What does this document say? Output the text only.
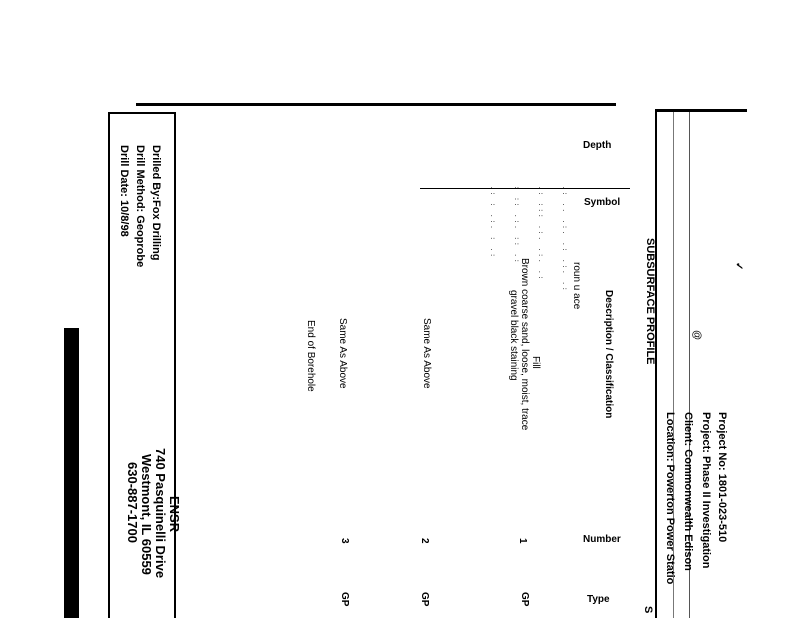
Project No: 1801-023-510
Project: Phase II Investigation
Client: Commonwealth Edison
Location: Powerton Power Statio
@
✓
SUBSURFACE PROFILE
S
Depth
Symbol
Description / Classification
Number
Type
.: .. .:. .: .:. .:
.: ::: .:. .:. .:
: :: .:. :: .:
.: : .:. : .:
roun u ace
Brown coarse sand, loose, moist, trace
gravel black staining Fill
1
GP
Same As Above
2
GP
Same As Above
3
GP
End of Borehole
Drilled By:Fox Drilling
Drill Method: Geoprobe
Drill Date: 10/8/98
ENSR
740 Pasquinelli Drive
Westmont, IL 60559
630-887-1700
